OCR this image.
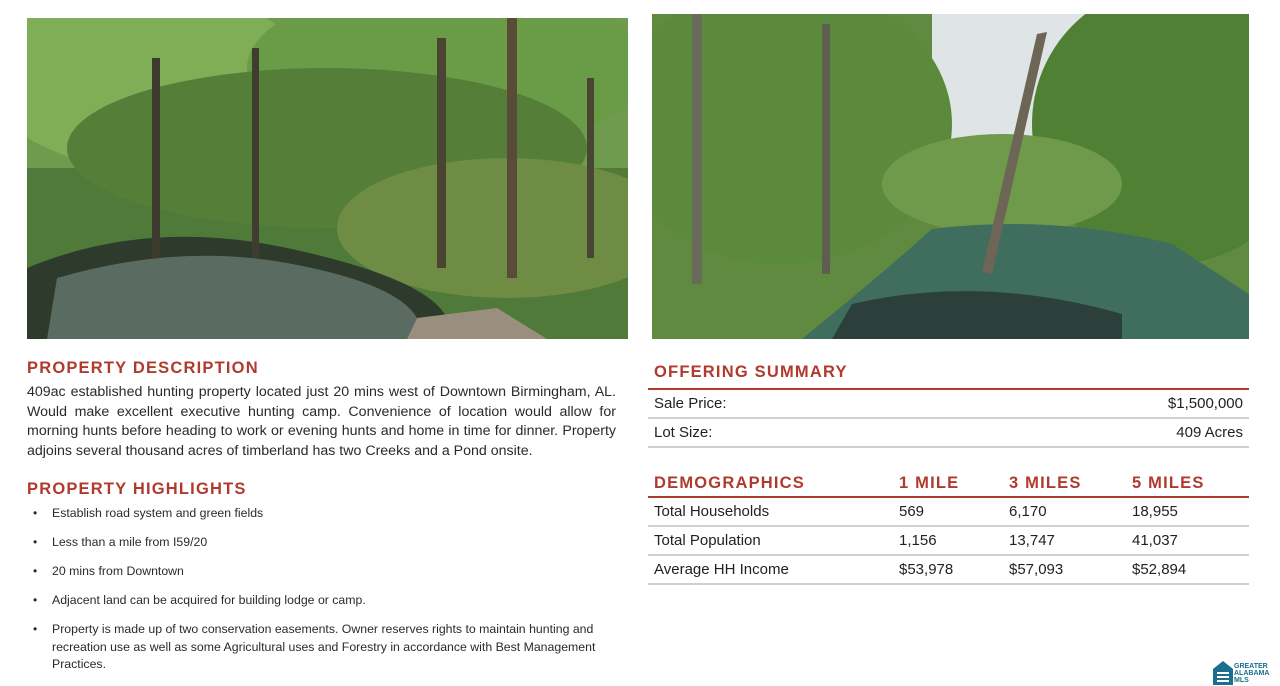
PROPERTY DESCRIPTION

409ac established hunting property located just 20 mins west of Downtown Birmingham, AL. Would make excellent executive hunting camp. Convenience of location would allow for morning hunts before heading to work or evening hunts and home in time for dinner. Property adjoins several thousand acres of timberland has two Creeks and a Pond onsite.

PROPERTY HIGHLIGHTS
• Establish road system and green fields
• Less than a mile from I59/20
• 20 mins from Downtown
• Adjacent land can be acquired for building lodge or camp.
• Property is made up of two conservation easements. Owner reserves rights to maintain hunting and recreation use as well as some Agricultural uses and Forestry in accordance with Best Management Practices.
OFFERING SUMMARY
Sale Price:	$1,500,000
Lot Size:	409 Acres
DEMOGRAPHICS	1 MILE	3 MILES	5 MILES
Total Households	569	6,170	18,955
Total Population	1,156	13,747	41,037
Average HH Income	$53,978	$57,093	$52,894
GREATER
ALABAMA
MLS
